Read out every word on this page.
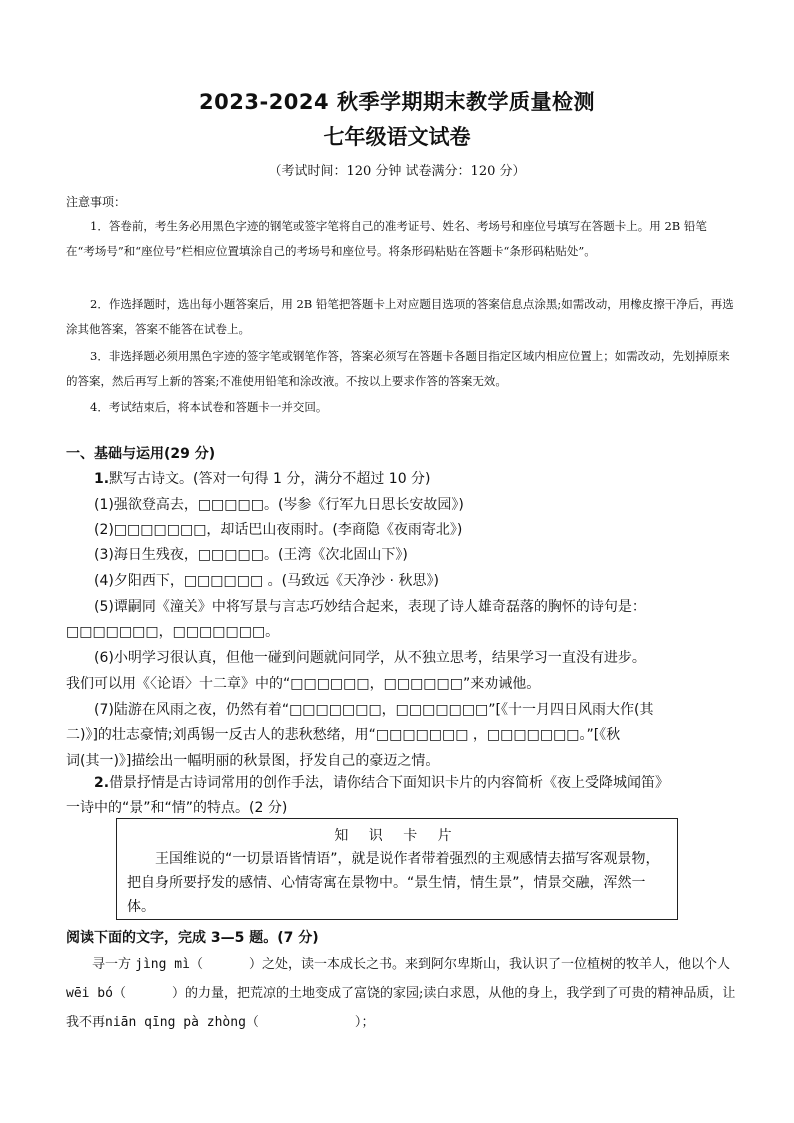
2023-2024 秋季学期期末教学质量检测
七年级语文试卷
（考试时间：120 分钟 试卷满分：120 分）
注意事项：

1．答卷前，考生务必用黑色字迹的钢笔或签字笔将自己的准考证号、姓名、考场号和座位号填写在答题卡上。用 2B 铅笔在“考场号”和“座位号”栏相应位置填涂自己的考场号和座位号。将条形码粘贴在答题卡“条形码粘贴处”。

2．作选择题时，选出每小题答案后，用 2B 铅笔把答题卡上对应题目选项的答案信息点涂黑;如需改动，用橡皮擦干净后，再选涂其他答案，答案不能答在试卷上。

3．非选择题必须用黑色字迹的签字笔或钢笔作答，答案必须写在答题卡各题目指定区域内相应位置上；如需改动，先划掉原来的答案，然后再写上新的答案;不准使用铅笔和涂改液。不按以上要求作答的答案无效。

4．考试结束后，将本试卷和答题卡一并交回。

一、基础与运用(29 分)
1.默写古诗文。(答对一句得 1 分，满分不超过 10 分)
(1)强欲登高去，□□□□□。(岑参《行军九日思长安故园》)
(2)□□□□□□□，却话巴山夜雨时。(李商隐《夜雨寄北》)
(3)海日生残夜，□□□□□。(王湾《次北固山下》)
(4)夕阳西下，□□□□□□ 。(马致远《天净沙 · 秋思》)
(5)谭嗣同《潼关》中将写景与言志巧妙结合起来，表现了诗人雄奇磊落的胸怀的诗句是：
□□□□□□□，□□□□□□□。
(6)小明学习很认真，但他一碰到问题就问同学，从不独立思考，结果学习一直没有进步。
我们可以用《〈论语〉十二章》中的“□□□□□□，□□□□□□”来劝诫他。
(7)陆游在风雨之夜，仍然有着“□□□□□□□，□□□□□□□”[《十一月四日风雨大作(其
二)》]的壮志豪情;刘禹锡一反古人的悲秋愁绪，用“□□□□□□□ ，□□□□□□□。”[《秋
词(其一)》]描绘出一幅明丽的秋景图，抒发自己的豪迈之情。
2.借景抒情是古诗词常用的创作手法，请你结合下面知识卡片的内容简析《夜上受降城闻笛》
一诗中的“景”和“情”的特点。(2 分)
知 识 卡 片
王国维说的“一切景语皆情语”，就是说作者带着强烈的主观感情去描写客观景物，把自身所要抒发的感情、心情寄寓在景物中。“景生情，情生景”，情景交融，浑然一体。
阅读下面的文字，完成 3—5 题。(7 分)

寻一方 jìng mì（	）之处，读一本成长之书。来到阿尔卑斯山，我认识了一位植树的牧羊人，他以个人wēi bó（	）的力量，把荒凉的土地变成了富饶的家园;读白求恩，从他的身上，我学到了可贵的精神品质，让我不再niān qīng pà zhòng（	）；
